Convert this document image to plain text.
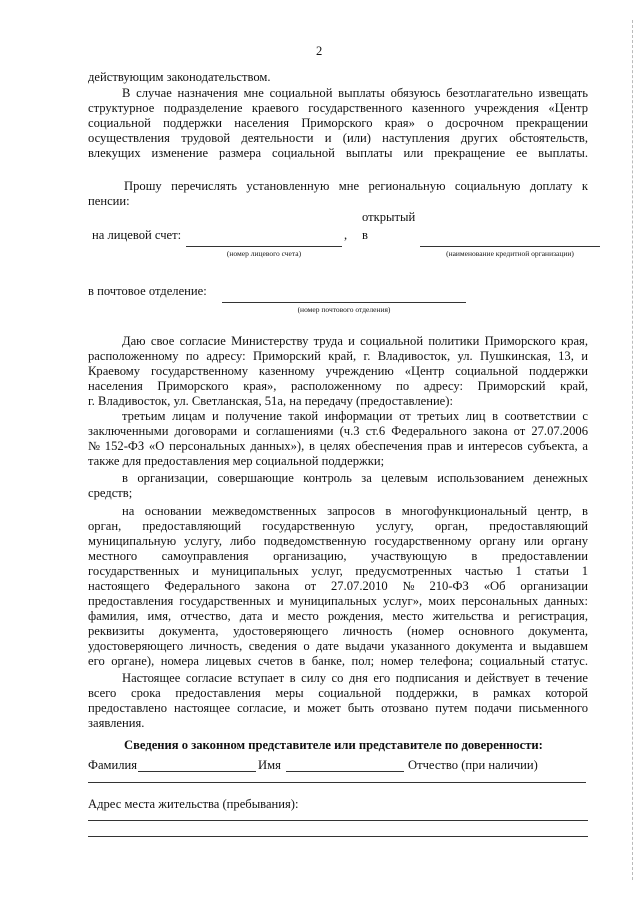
2
действующим законодательством.
В случае назначения мне социальной выплаты обязуюсь безотлагательно извещать
структурное подразделение краевого государственного казенного учреждения «Центр
социальной поддержки населения Приморского края» о досрочном прекращении
осуществления трудовой деятельности и (или) наступления других обстоятельств,
влекущих изменение размера социальной выплаты или прекращение ее выплаты.
Прошу перечислять установленную мне региональную социальную доплату к
пенсии:
открытый
на лицевой счет:	, в
(номер лицевого счета)	(наименование кредитной организации)
в почтовое отделение:
(номер почтового отделения)
Даю свое согласие Министерству труда и социальной политики Приморского края,
расположенному по адресу: Приморский край, г. Владивосток, ул. Пушкинская, 13, и
Краевому государственному казенному учреждению «Центр социальной поддержки
населения Приморского края», расположенному по адресу: Приморский край,
г. Владивосток, ул. Светланская, 51а, на передачу (предоставление):
третьим лицам и получение такой информации от третьих лиц в соответствии с
заключенными договорами и соглашениями (ч.3 ст.6 Федерального закона от 27.07.2006
№ 152-ФЗ «О персональных данных»), в целях обеспечения прав и интересов субъекта, а
также для предоставления мер социальной поддержки;
в организации, совершающие контроль за целевым использованием денежных
средств;
на основании межведомственных запросов в многофункциональный центр, в
орган, предоставляющий государственную услугу, орган, предоставляющий
муниципальную услугу, либо подведомственную государственному органу или органу
местного самоуправления организацию, участвующую в предоставлении
государственных и муниципальных услуг, предусмотренных частью 1 статьи 1
настоящего Федерального закона от 27.07.2010 № 210-ФЗ «Об организации
предоставления государственных и муниципальных услуг», моих персональных данных:
фамилия, имя, отчество, дата и место рождения, место жительства и регистрация,
реквизиты документа, удостоверяющего личность (номер основного документа,
удостоверяющего личность, сведения о дате выдачи указанного документа и выдавшем
его органе), номера лицевых счетов в банке, пол; номер телефона; социальный статус.
Настоящее согласие вступает в силу со дня его подписания и действует в течение
всего срока предоставления меры социальной поддержки, в рамках которой
предоставлено настоящее согласие, и может быть отозвано путем подачи письменного
заявления.
Сведения о законном представителе или представителе по доверенности:
Фамилия	Имя	Отчество (при наличии)
Адрес места жительства (пребывания):
